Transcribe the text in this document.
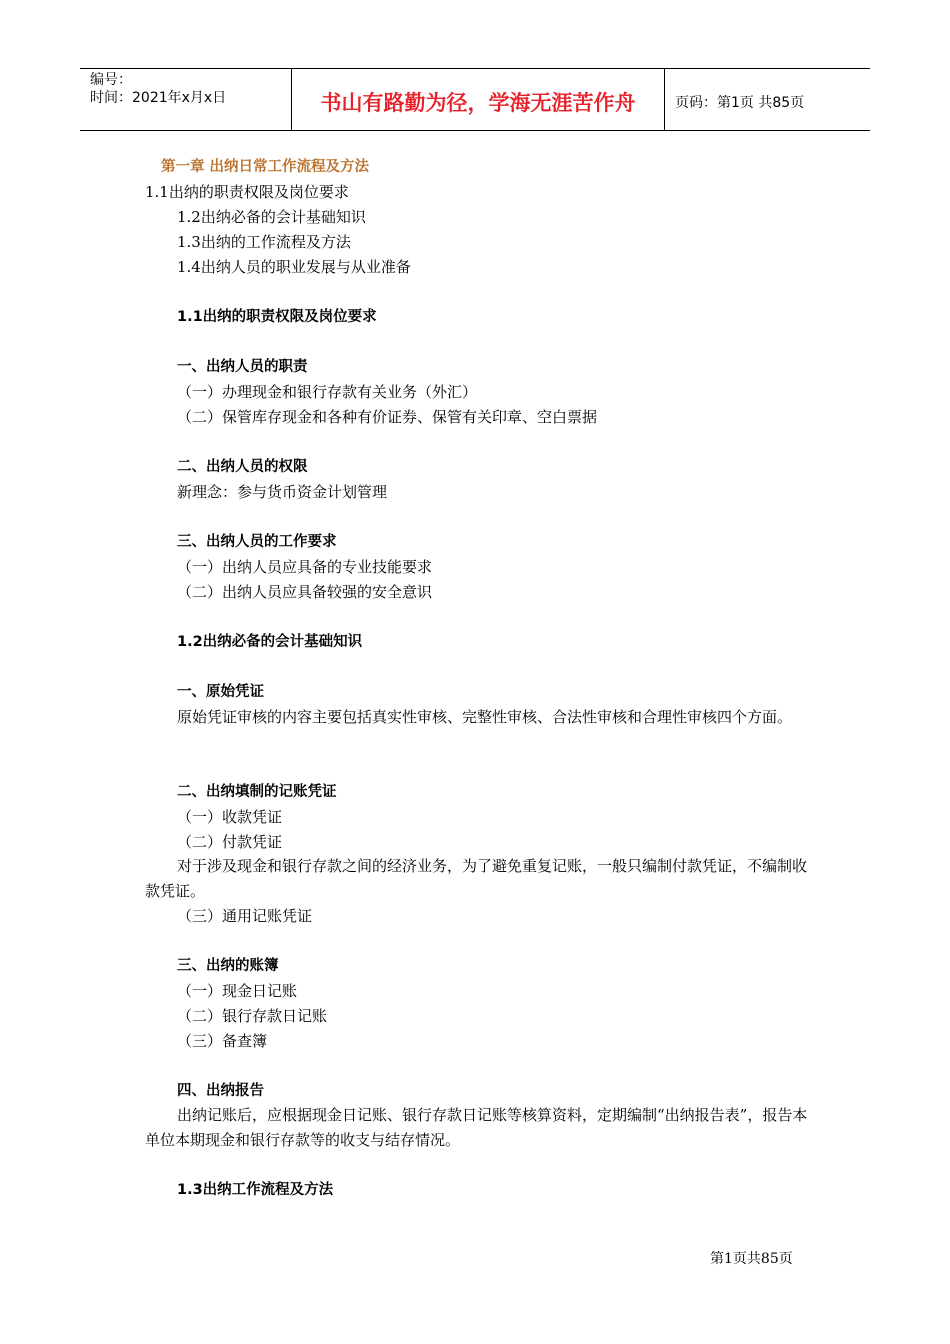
编号：
时间：2021年x月x日	书山有路勤为径，学海无涯苦作舟	页码：第1页 共85页
第一章 出纳日常工作流程及方法
1.1出纳的职责权限及岗位要求
1.2出纳必备的会计基础知识
1.3出纳的工作流程及方法
1.4出纳人员的职业发展与从业准备
1.1出纳的职责权限及岗位要求
一、出纳人员的职责
（一）办理现金和银行存款有关业务（外汇）
（二）保管库存现金和各种有价证券、保管有关印章、空白票据
二、出纳人员的权限
新理念：参与货币资金计划管理
三、出纳人员的工作要求
（一）出纳人员应具备的专业技能要求
（二）出纳人员应具备较强的安全意识
1.2出纳必备的会计基础知识
一、原始凭证
原始凭证审核的内容主要包括真实性审核、完整性审核、合法性审核和合理性审核四个方面。
二、出纳填制的记账凭证
（一）收款凭证
（二）付款凭证
对于涉及现金和银行存款之间的经济业务，为了避免重复记账，一般只编制付款凭证，不编制收款凭证。
（三）通用记账凭证
三、出纳的账簿
（一）现金日记账
（二）银行存款日记账
（三）备查簿
四、出纳报告
出纳记账后，应根据现金日记账、银行存款日记账等核算资料，定期编制“出纳报告表”，报告本单位本期现金和银行存款等的收支与结存情况。
1.3出纳工作流程及方法
第1页共85页
